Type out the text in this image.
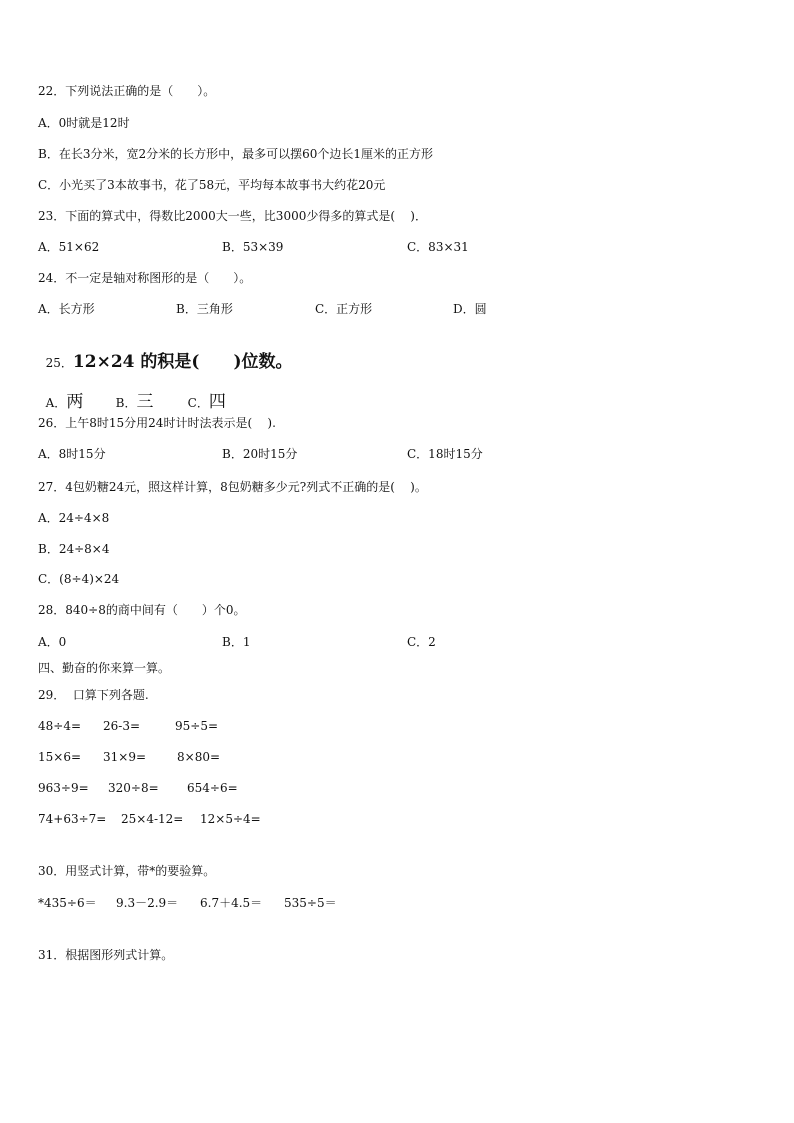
22．下列说法正确的是（　　）。
A．0时就是12时
B．在长3分米，宽2分米的长方形中，最多可以摆60个边长1厘米的正方形
C．小光买了3本故事书，花了58元，平均每本故事书大约花20元
23．下面的算式中，得数比2000大一些，比3000少得多的算式是(    )．
A．51×62	B．53×39	C．83×31
24．不一定是轴对称图形的是（　　）。
A．长方形	B．三角形	C．正方形	D．圆

25．12×24 的积是(　　)位数。

A．两	B．三	C．四

26．上午8时15分用24时计时法表示是(    ).
A．8时15分	B．20时15分	C．18时15分
27．4包奶糖24元，照这样计算，8包奶糖多少元?列式不正确的是(    )。
A．24÷4×8
B．24÷8×4
C．(8÷4)×24
28．840÷8的商中间有（　　）个0。
A．0	B．1	C．2
四、勤奋的你来算一算。
29．  口算下列各题.
48÷4= 26-3=	95÷5=
15×6= 31×9=	8×80=
963÷9= 320÷8= 654÷6=
74+63÷7= 25×4-12= 12×5÷4=
30．用竖式计算，带*的要验算。
*435÷6＝ 9.3－2.9＝ 6.7＋4.5＝ 535÷5＝
31．根据图形列式计算。
